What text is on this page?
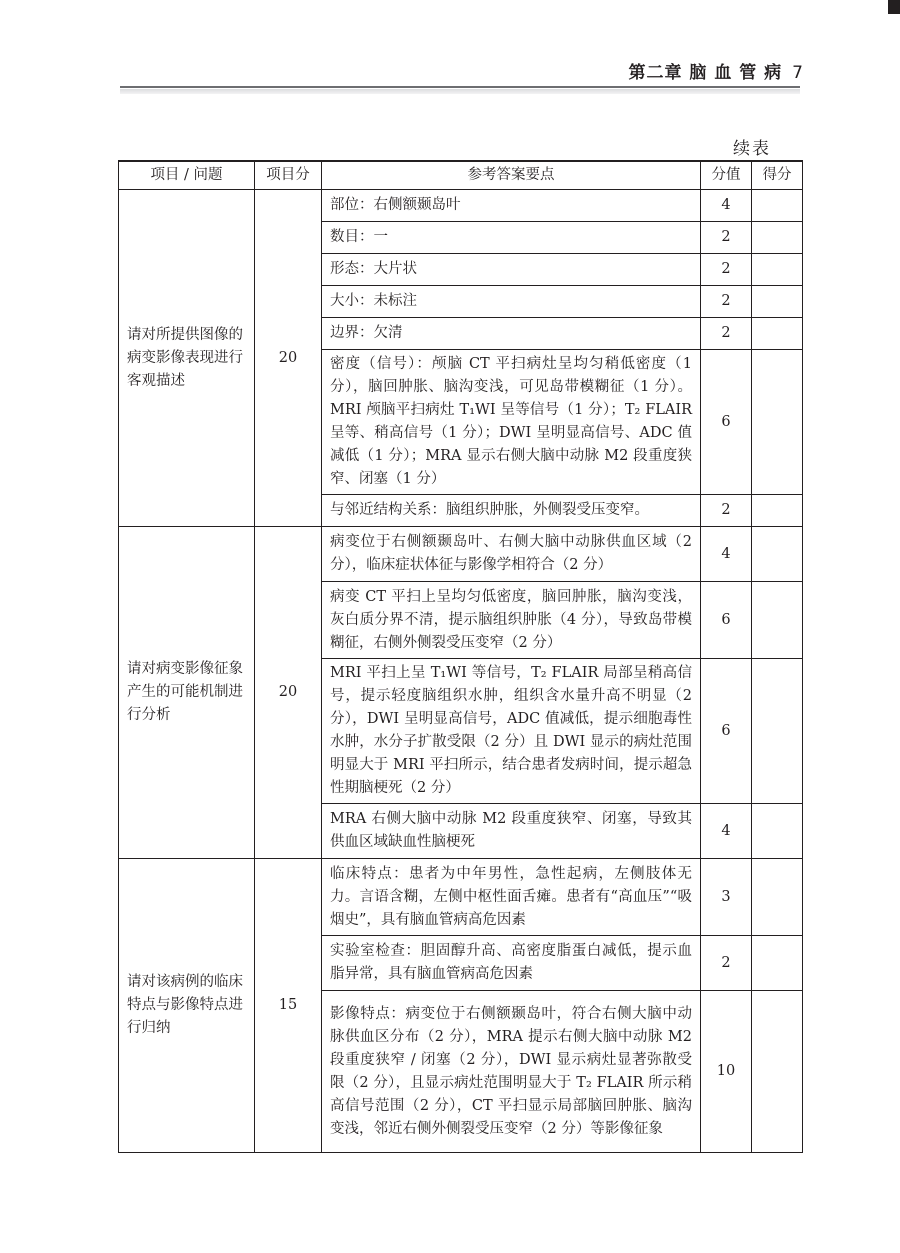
第二章 脑 血 管 病 7
续表
项目 / 问题	项目分	参考答案要点	分值	得分
请对所提供图像的病变影像表现进行客观描述	20	部位：右侧额颞岛叶	4	
		数目：一	2	
		形态：大片状	2	
		大小：未标注	2	
		边界：欠清	2	
		密度（信号）：颅脑 CT 平扫病灶呈均匀稍低密度（1 分），脑回肿胀、脑沟变浅，可见岛带模糊征（1 分）。MRI 颅脑平扫病灶 T₁WI 呈等信号（1 分）；T₂ FLAIR 呈等、稍高信号（1 分）；DWI 呈明显高信号、ADC 值减低（1 分）；MRA 显示右侧大脑中动脉 M2 段重度狭窄、闭塞（1 分）	6	
		与邻近结构关系：脑组织肿胀，外侧裂受压变窄。	2	
请对病变影像征象产生的可能机制进行分析	20	病变位于右侧额颞岛叶、右侧大脑中动脉供血区域（2 分），临床症状体征与影像学相符合（2 分）	4	
		病变 CT 平扫上呈均匀低密度，脑回肿胀，脑沟变浅，灰白质分界不清，提示脑组织肿胀（4 分），导致岛带模糊征，右侧外侧裂受压变窄（2 分）	6	
		MRI 平扫上呈 T₁WI 等信号，T₂ FLAIR 局部呈稍高信号，提示轻度脑组织水肿，组织含水量升高不明显（2 分），DWI 呈明显高信号，ADC 值减低，提示细胞毒性水肿，水分子扩散受限（2 分）且 DWI 显示的病灶范围明显大于 MRI 平扫所示，结合患者发病时间，提示超急性期脑梗死（2 分）	6	
		MRA 右侧大脑中动脉 M2 段重度狭窄、闭塞，导致其供血区域缺血性脑梗死	4	
请对该病例的临床特点与影像特点进行归纳	15	临床特点：患者为中年男性，急性起病，左侧肢体无力。言语含糊，左侧中枢性面舌瘫。患者有“高血压”“吸烟史”，具有脑血管病高危因素	3	
		实验室检查：胆固醇升高、高密度脂蛋白减低，提示血脂异常，具有脑血管病高危因素	2	
		影像特点：病变位于右侧额颞岛叶，符合右侧大脑中动脉供血区分布（2 分），MRA 提示右侧大脑中动脉 M2 段重度狭窄 / 闭塞（2 分），DWI 显示病灶显著弥散受限（2 分），且显示病灶范围明显大于 T₂ FLAIR 所示稍高信号范围（2 分），CT 平扫显示局部脑回肿胀、脑沟变浅，邻近右侧外侧裂受压变窄（2 分）等影像征象	10	
